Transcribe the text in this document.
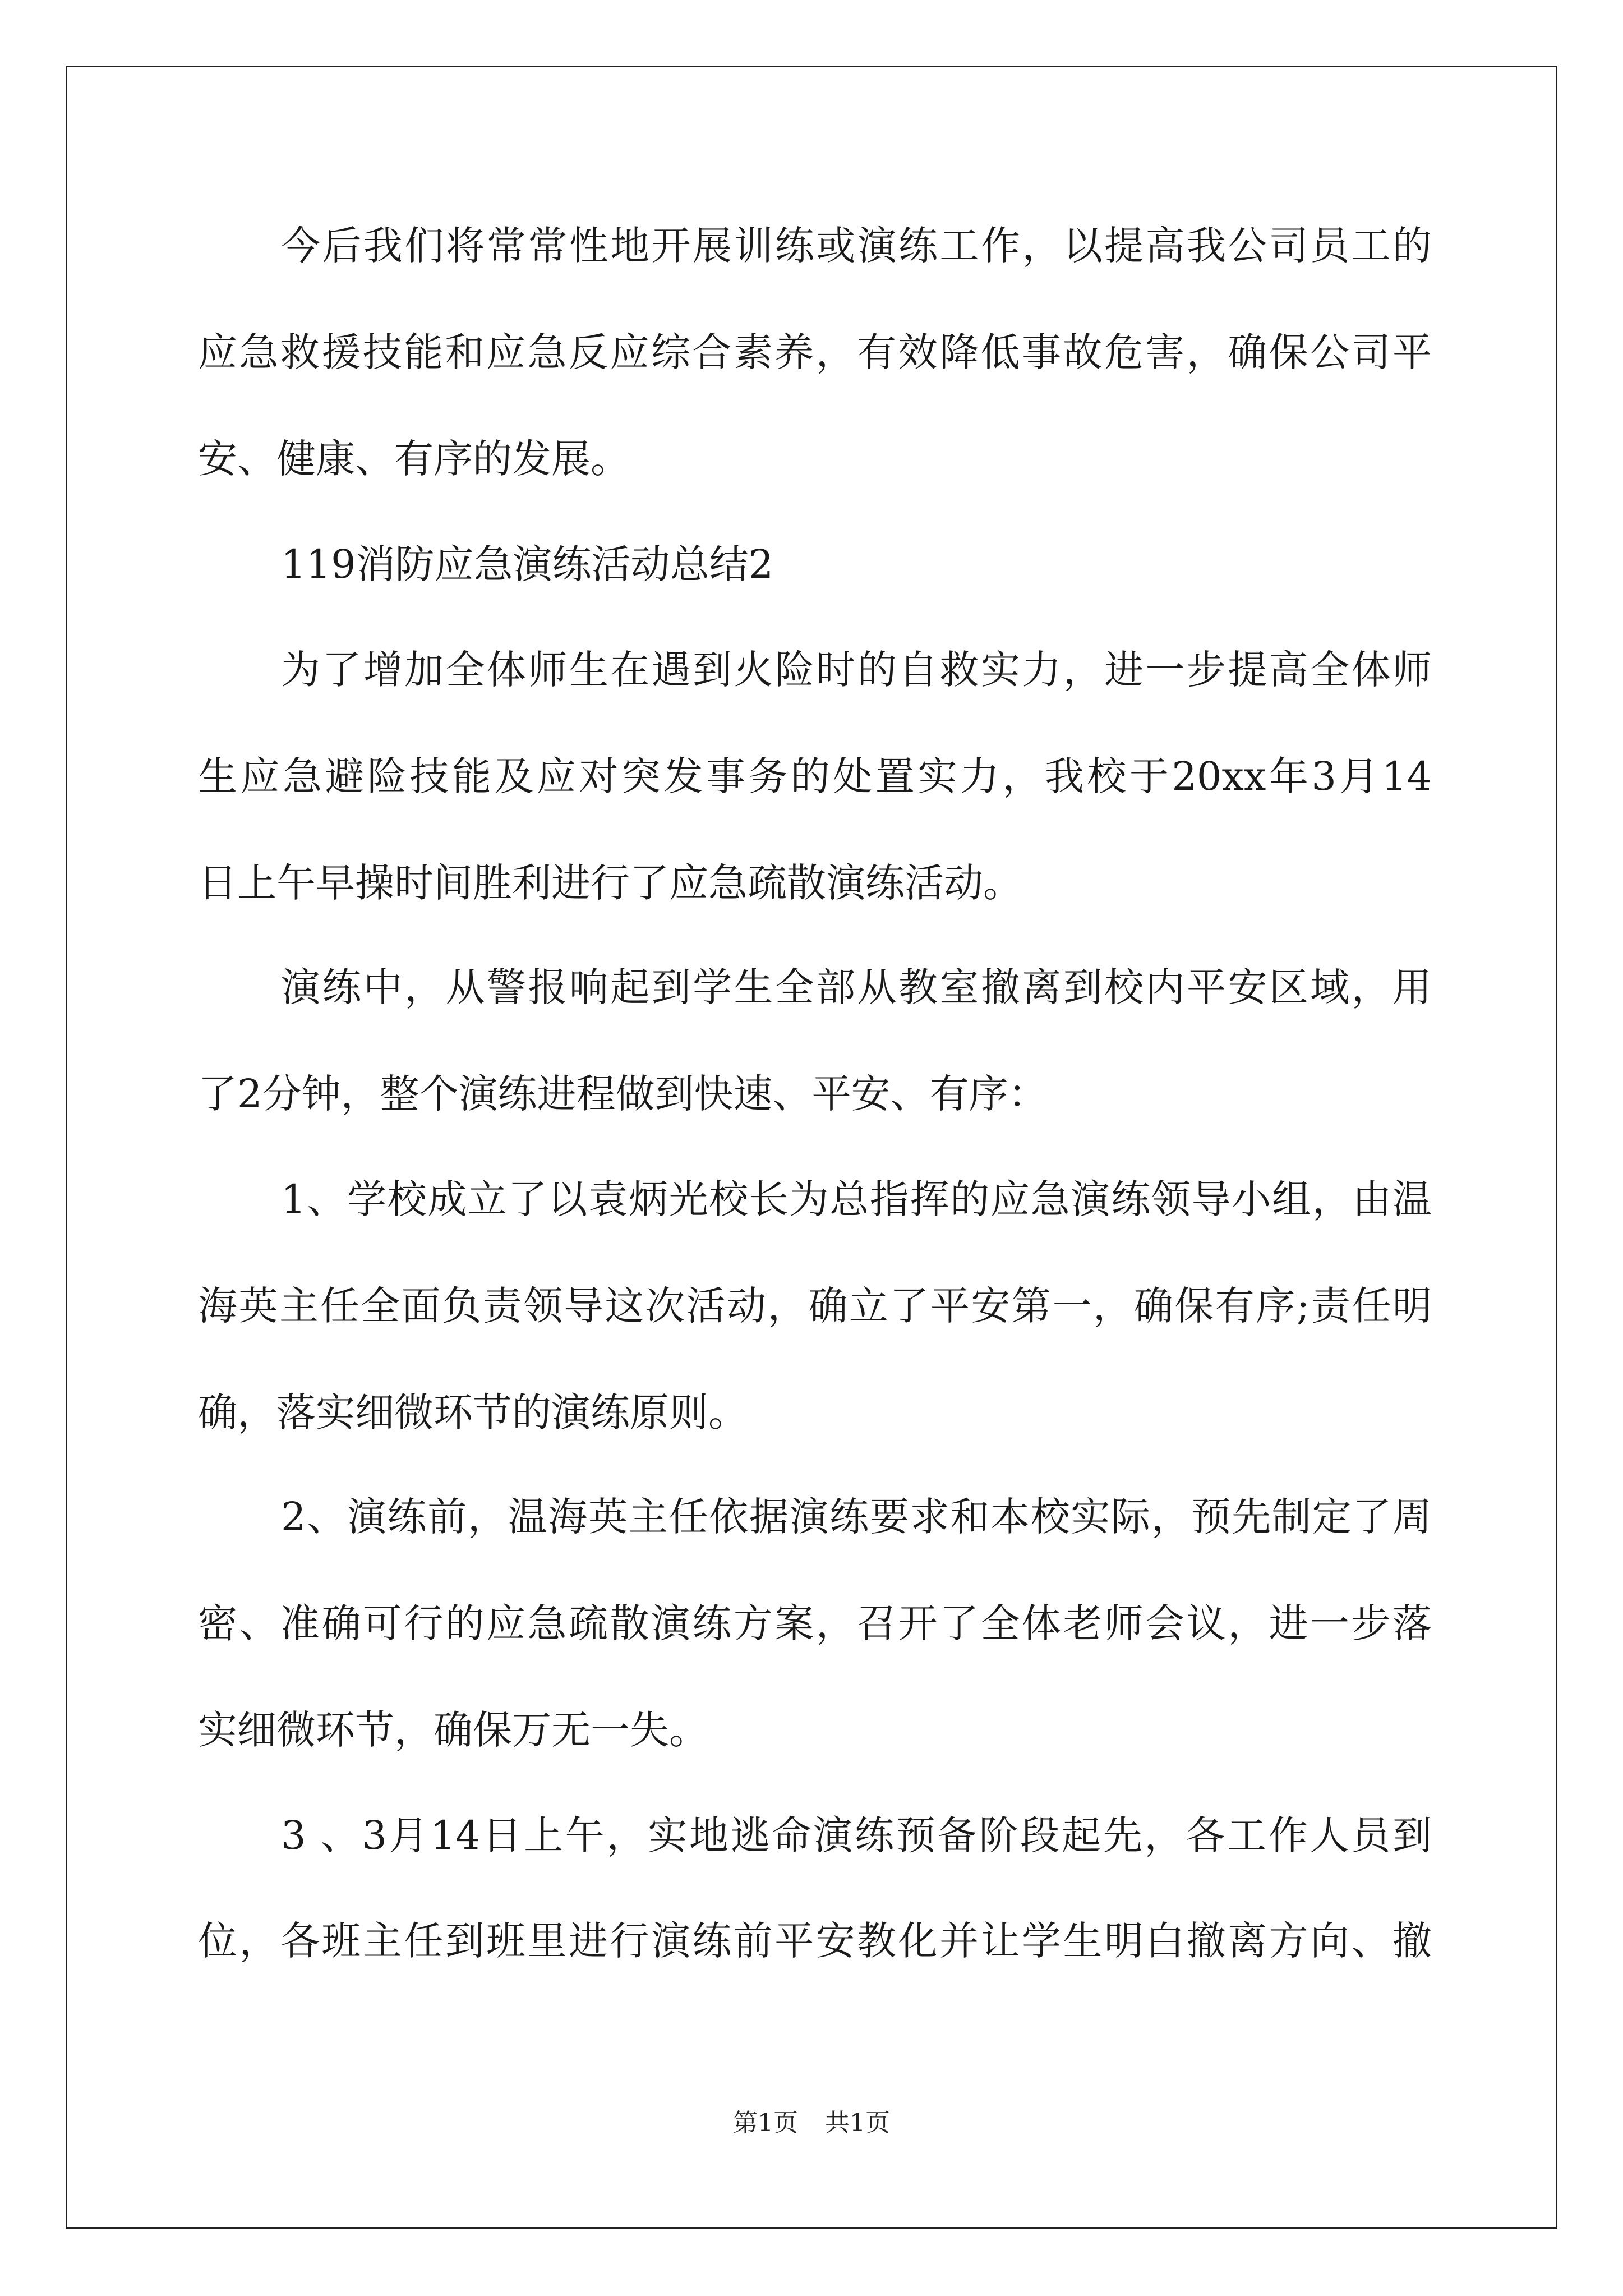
今后我们将常常性地开展训练或演练工作，以提高我公司员工的
应急救援技能和应急反应综合素养，有效降低事故危害，确保公司平
安、健康、有序的发展。
119消防应急演练活动总结2
为了增加全体师生在遇到火险时的自救实力，进一步提高全体师
生应急避险技能及应对突发事务的处置实力，我校于20xx年3月14
日上午早操时间胜利进行了应急疏散演练活动。
演练中，从警报响起到学生全部从教室撤离到校内平安区域，用
了2分钟，整个演练进程做到快速、平安、有序：
1、学校成立了以袁炳光校长为总指挥的应急演练领导小组，由温
海英主任全面负责领导这次活动，确立了平安第一，确保有序;责任明
确，落实细微环节的演练原则。
2、演练前，温海英主任依据演练要求和本校实际，预先制定了周
密、准确可行的应急疏散演练方案，召开了全体老师会议，进一步落
实细微环节，确保万无一失。
3 、3月14日上午，实地逃命演练预备阶段起先，各工作人员到
位，各班主任到班里进行演练前平安教化并让学生明白撤离方向、撤
第1页 共1页
